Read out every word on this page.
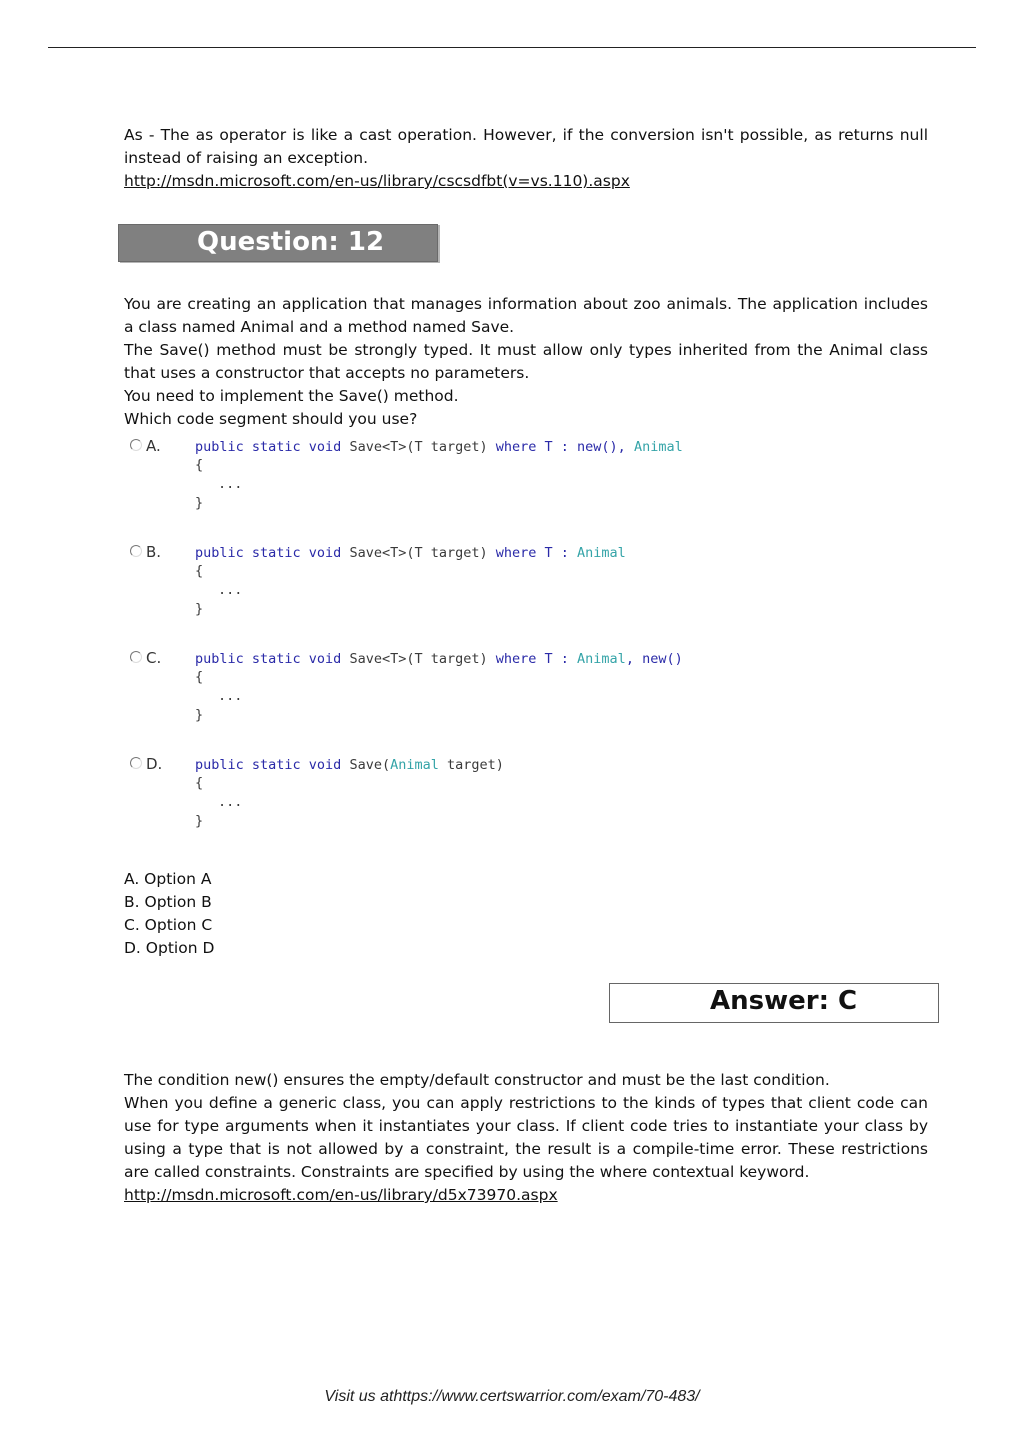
As - The as operator is like a cast operation. However, if the conversion isn't possible, as returns null instead of raising an exception.
http://msdn.microsoft.com/en-us/library/cscsdfbt(v=vs.110).aspx
Question: 12
You are creating an application that manages information about zoo animals. The application includes a class named Animal and a method named Save.
The Save() method must be strongly typed. It must allow only types inherited from the Animal class that uses a constructor that accepts no parameters.
You need to implement the Save() method.
Which code segment should you use?
A.	public static void Save<T>(T target) where T : new(), Animal
{
...
}
B.	public static void Save<T>(T target) where T : Animal
{
...
}
C.	public static void Save<T>(T target) where T : Animal, new()
{
...
}
D.	public static void Save(Animal target)
{
...
}
A. Option A
B. Option B
C. Option C
D. Option D
Answer: C
The condition new() ensures the empty/default constructor and must be the last condition.
When you define a generic class, you can apply restrictions to the kinds of types that client code can use for type arguments when it instantiates your class. If client code tries to instantiate your class by using a type that is not allowed by a constraint, the result is a compile-time error. These restrictions are called constraints. Constraints are specified by using the where contextual keyword.
http://msdn.microsoft.com/en-us/library/d5x73970.aspx
Visit us athttps://www.certswarrior.com/exam/70-483/
